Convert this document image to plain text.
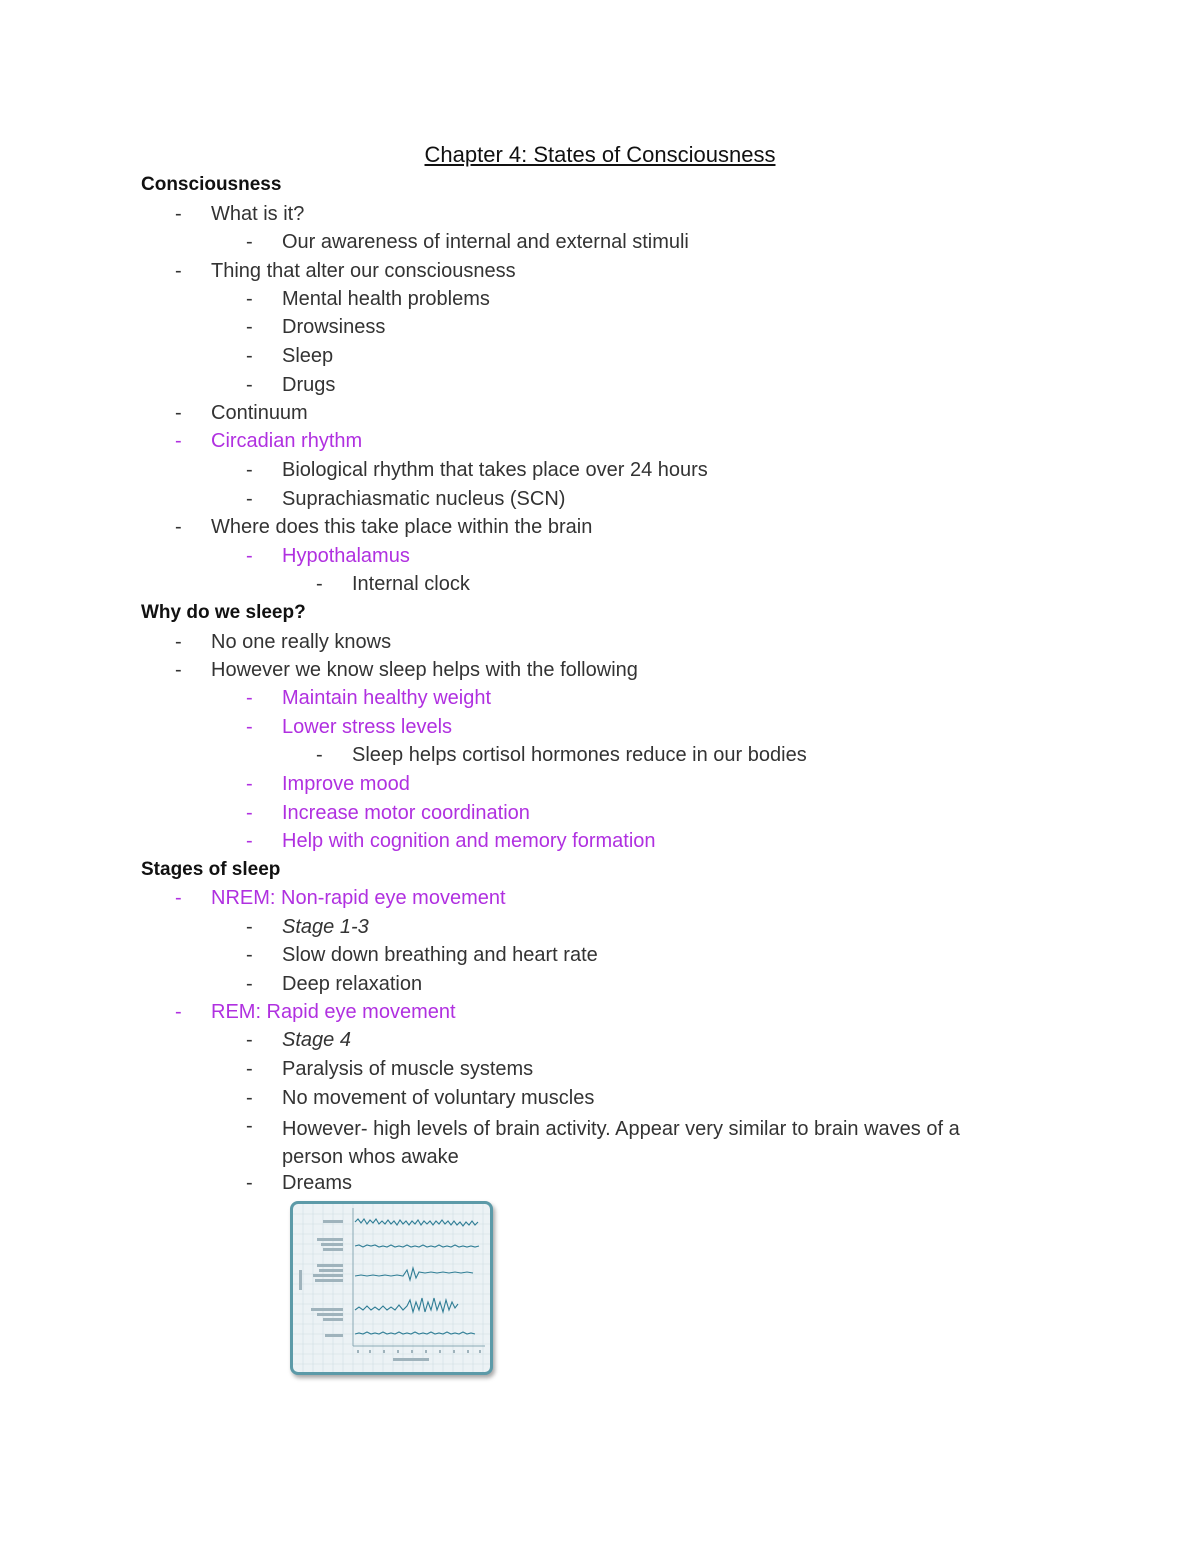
Chapter 4: States of Consciousness
Consciousness
- What is it?
- Our awareness of internal and external stimuli
- Thing that alter our consciousness
- Mental health problems
- Drowsiness
- Sleep
- Drugs
- Continuum
- Circadian rhythm
- Biological rhythm that takes place over 24 hours
- Suprachiasmatic nucleus (SCN)
- Where does this take place within the brain
- Hypothalamus
- Internal clock
Why do we sleep?
- No one really knows
- However we know sleep helps with the following
- Maintain healthy weight
- Lower stress levels
- Sleep helps cortisol hormones reduce in our bodies
- Improve mood
- Increase motor coordination
- Help with cognition and memory formation
Stages of sleep
- NREM: Non-rapid eye movement
- Stage 1-3
- Slow down breathing and heart rate
- Deep relaxation
- REM: Rapid eye movement
- Stage 4
- Paralysis of muscle systems
- No movement of voluntary muscles
- However- high levels of brain activity. Appear very similar to brain waves of a person whos awake
- Dreams
